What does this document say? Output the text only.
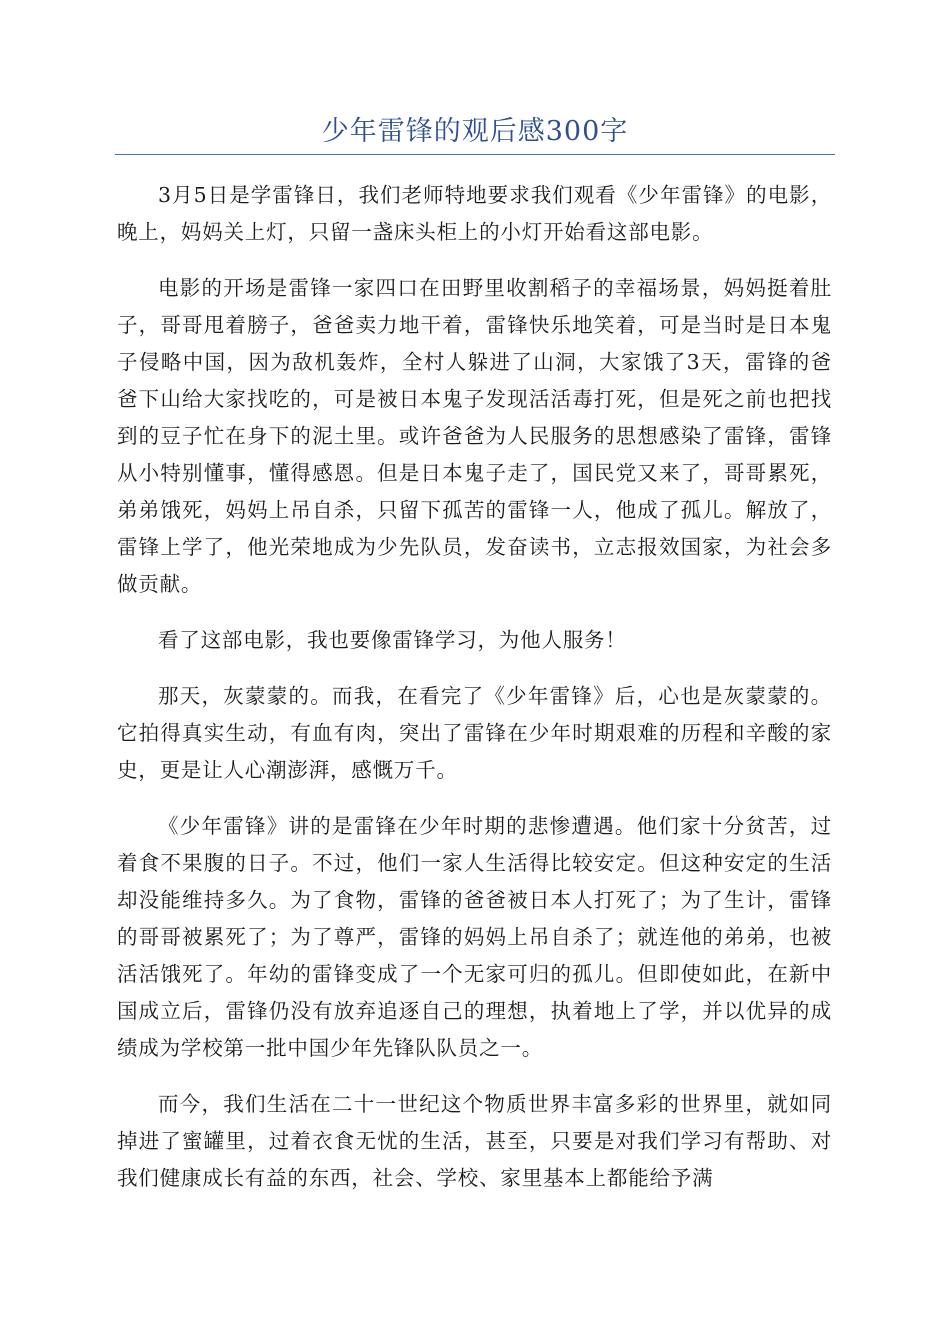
少年雷锋的观后感300字

3月5日是学雷锋日，我们老师特地要求我们观看《少年雷锋》的电影，晚上，妈妈关上灯，只留一盏床头柜上的小灯开始看这部电影。

电影的开场是雷锋一家四口在田野里收割稻子的幸福场景，妈妈挺着肚子，哥哥甩着膀子，爸爸卖力地干着，雷锋快乐地笑着，可是当时是日本鬼子侵略中国，因为敌机轰炸，全村人躲进了山洞，大家饿了3天，雷锋的爸爸下山给大家找吃的，可是被日本鬼子发现活活毒打死，但是死之前也把找到的豆子忙在身下的泥土里。或许爸爸为人民服务的思想感染了雷锋，雷锋从小特别懂事，懂得感恩。但是日本鬼子走了，国民党又来了，哥哥累死，弟弟饿死，妈妈上吊自杀，只留下孤苦的雷锋一人，他成了孤儿。解放了，雷锋上学了，他光荣地成为少先队员，发奋读书，立志报效国家，为社会多做贡献。

看了这部电影，我也要像雷锋学习，为他人服务！

那天，灰蒙蒙的。而我，在看完了《少年雷锋》后，心也是灰蒙蒙的。它拍得真实生动，有血有肉，突出了雷锋在少年时期艰难的历程和辛酸的家史，更是让人心潮澎湃，感慨万千。

《少年雷锋》讲的是雷锋在少年时期的悲惨遭遇。他们家十分贫苦，过着食不果腹的日子。不过，他们一家人生活得比较安定。但这种安定的生活却没能维持多久。为了食物，雷锋的爸爸被日本人打死了；为了生计，雷锋的哥哥被累死了；为了尊严，雷锋的妈妈上吊自杀了；就连他的弟弟，也被活活饿死了。年幼的雷锋变成了一个无家可归的孤儿。但即使如此，在新中国成立后，雷锋仍没有放弃追逐自己的理想，执着地上了学，并以优异的成绩成为学校第一批中国少年先锋队队员之一。

而今，我们生活在二十一世纪这个物质世界丰富多彩的世界里，就如同掉进了蜜罐里，过着衣食无忧的生活，甚至，只要是对我们学习有帮助、对我们健康成长有益的东西，社会、学校、家里基本上都能给予满
